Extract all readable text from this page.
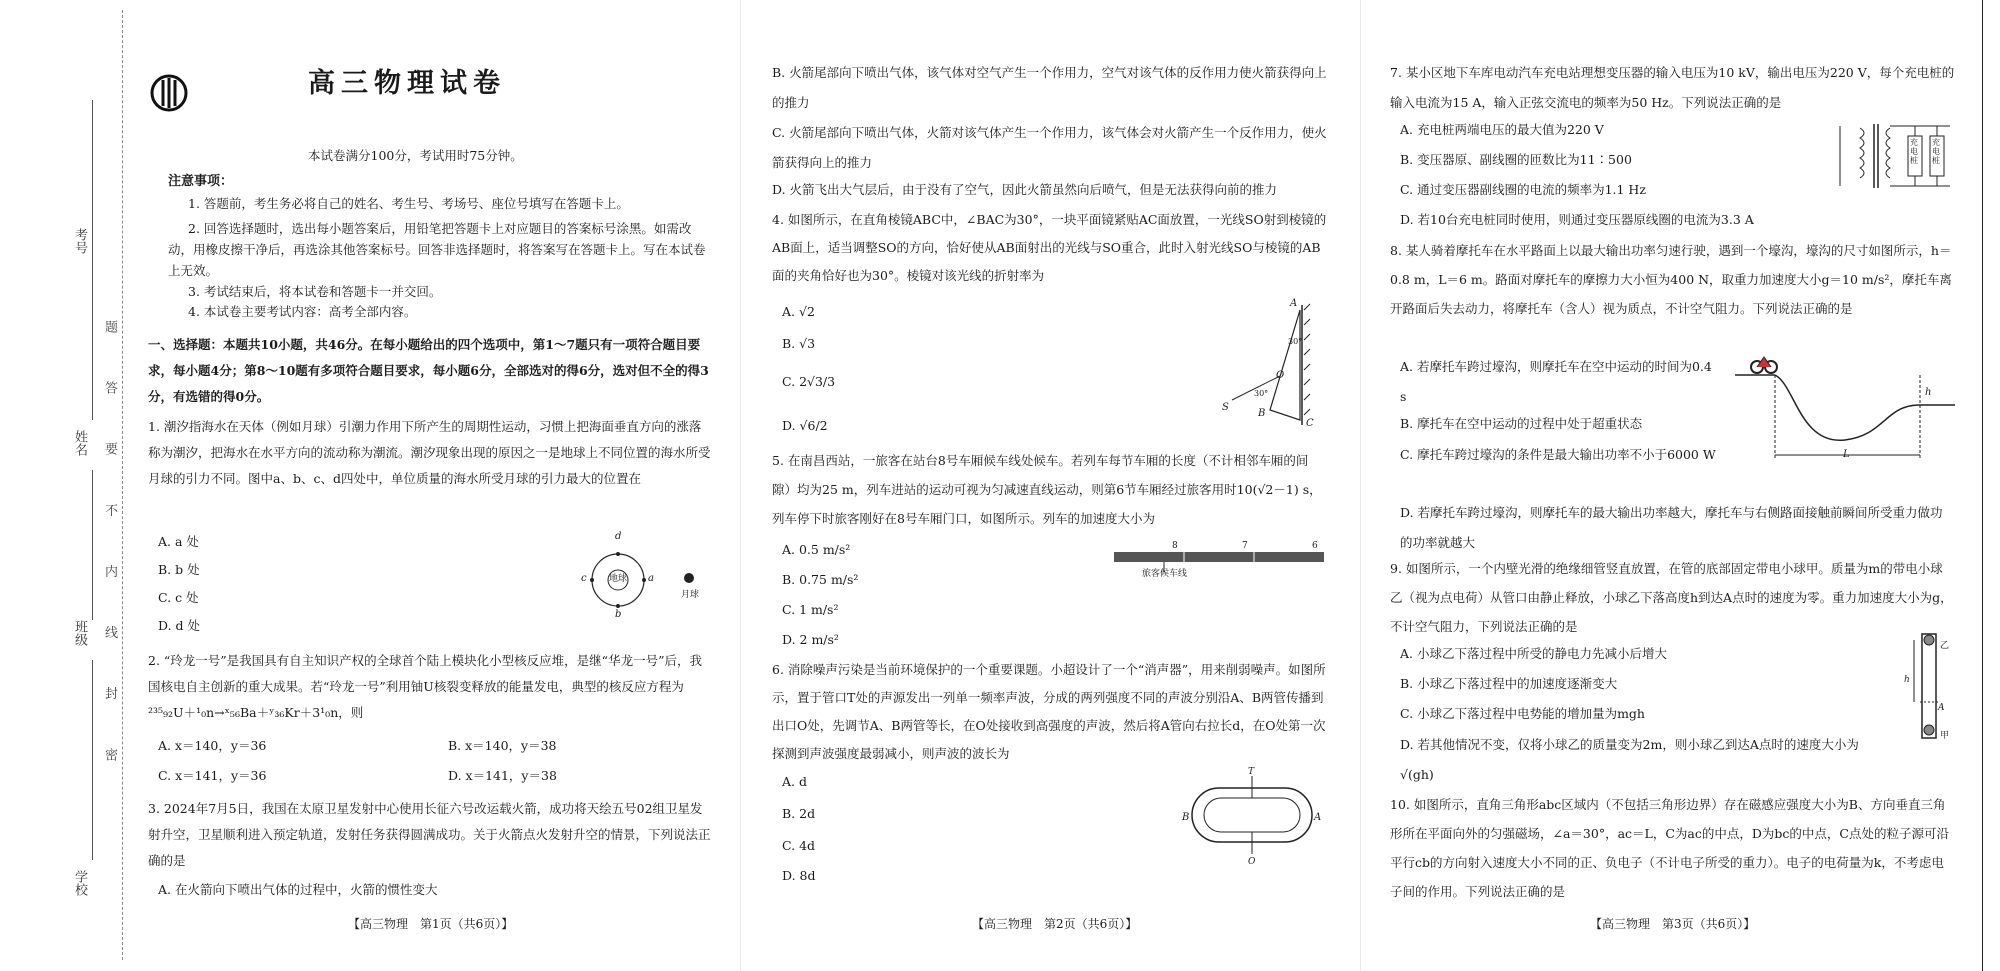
考号
姓名
班级
学校
题 答 要 不 内 线 封 密
高三物理试卷
本试卷满分100分，考试用时75分钟。
注意事项：
1. 答题前，考生务必将自己的姓名、考生号、考场号、座位号填写在答题卡上。
2. 回答选择题时，选出每小题答案后，用铅笔把答题卡上对应题目的答案标号涂黑。如需改动，用橡皮擦干净后，再选涂其他答案标号。回答非选择题时，将答案写在答题卡上。写在本试卷上无效。
3. 考试结束后，将本试卷和答题卡一并交回。
4. 本试卷主要考试内容：高考全部内容。
一、选择题：本题共10小题，共46分。在每小题给出的四个选项中，第1～7题只有一项符合题目要求，每小题4分；第8～10题有多项符合题目要求，每小题6分，全部选对的得6分，选对但不全的得3分，有选错的得0分。
1. 潮汐指海水在天体（例如月球）引潮力作用下所产生的周期性运动，习惯上把海面垂直方向的涨落称为潮汐，把海水在水平方向的流动称为潮流。潮汐现象出现的原因之一是地球上不同位置的海水所受月球的引力不同。图中a、b、c、d四处中，单位质量的海水所受月球的引力最大的位置在
A. a 处
B. b 处
C. c 处
D. d 处
地球
月球
d
b
c	a
2. “玲龙一号”是我国具有自主知识产权的全球首个陆上模块化小型核反应堆，是继“华龙一号”后，我国核电自主创新的重大成果。若“玲龙一号”利用铀U核裂变释放的能量发电，典型的核反应方程为²³⁵₉₂U＋¹₀n→ˣ₅₆Ba＋ʸ₃₆Kr＋3¹₀n，则
A. x＝140，y＝36	B. x＝140，y＝38
C. x＝141，y＝36	D. x＝141，y＝38
3. 2024年7月5日，我国在太原卫星发射中心使用长征六号改运载火箭，成功将天绘五号02组卫星发射升空，卫星顺利进入预定轨道，发射任务获得圆满成功。关于火箭点火发射升空的情景，下列说法正确的是
A. 在火箭向下喷出气体的过程中，火箭的惯性变大
【高三物理　第1页（共6页）】
B. 火箭尾部向下喷出气体，该气体对空气产生一个作用力，空气对该气体的反作用力使火箭获得向上的推力
C. 火箭尾部向下喷出气体，火箭对该气体产生一个作用力，该气体会对火箭产生一个反作用力，使火箭获得向上的推力
D. 火箭飞出大气层后，由于没有了空气，因此火箭虽然向后喷气，但是无法获得向前的推力
4. 如图所示，在直角棱镜ABC中，∠BAC为30°，一块平面镜紧贴AC面放置，一光线SO射到棱镜的AB面上，适当调整SO的方向，恰好使从AB面射出的光线与SO重合，此时入射光线SO与棱镜的AB面的夹角恰好也为30°。棱镜对该光线的折射率为
A. √2
B. √3
C. 2√3/3
D. √6/2
A
B
C
O
S
30°
30°
5. 在南昌西站，一旅客在站台8号车厢候车线处候车。若列车每节车厢的长度（不计相邻车厢的间隙）均为25 m，列车进站的运动可视为匀减速直线运动，则第6节车厢经过旅客用时10(√2－1) s，列车停下时旅客刚好在8号车厢门口，如图所示。列车的加速度大小为
A. 0.5 m/s²
B. 0.75 m/s²
C. 1 m/s²
D. 2 m/s²
8	7	6
旅客候车线
6. 消除噪声污染是当前环境保护的一个重要课题。小超设计了一个“消声器”，用来削弱噪声。如图所示，置于管口T处的声源发出一列单一频率声波，分成的两列强度不同的声波分别沿A、B两管传播到出口O处，先调节A、B两管等长，在O处接收到高强度的声波，然后将A管向右拉长d，在O处第一次探测到声波强度最弱减小，则声波的波长为
A. d
B. 2d
C. 4d
D. 8d
T
A
B
O
【高三物理　第2页（共6页）】
7. 某小区地下车库电动汽车充电站理想变压器的输入电压为10 kV，输出电压为220 V，每个充电桩的输入电流为15 A，输入正弦交流电的频率为50 Hz。下列说法正确的是
A. 充电桩两端电压的最大值为220 V
B. 变压器原、副线圈的匝数比为11∶500
C. 通过变压器副线圈的电流的频率为1.1 Hz
D. 若10台充电桩同时使用，则通过变压器原线圈的电流为3.3 A
充电桩
充电桩
8. 某人骑着摩托车在水平路面上以最大输出功率匀速行驶，遇到一个壕沟，壕沟的尺寸如图所示，h＝0.8 m，L＝6 m。路面对摩托车的摩擦力大小恒为400 N，取重力加速度大小g＝10 m/s²，摩托车离开路面后失去动力，将摩托车（含人）视为质点，不计空气阻力。下列说法正确的是
A. 若摩托车跨过壕沟，则摩托车在空中运动的时间为0.4 s
B. 摩托车在空中运动的过程中处于超重状态
C. 摩托车跨过壕沟的条件是最大输出功率不小于6000 W
D. 若摩托车跨过壕沟，则摩托车的最大输出功率越大，摩托车与右侧路面接触前瞬间所受重力做功的功率就越大
h
L
9. 如图所示，一个内壁光滑的绝缘细管竖直放置，在管的底部固定带电小球甲。质量为m的带电小球乙（视为点电荷）从管口由静止释放，小球乙下落高度h到达A点时的速度为零。重力加速度大小为g，不计空气阻力，下列说法正确的是
A. 小球乙下落过程中所受的静电力先减小后增大
B. 小球乙下落过程中的加速度逐渐变大
C. 小球乙下落过程中电势能的增加量为mgh
D. 若其他情况不变，仅将小球乙的质量变为2m，则小球乙到达A点时的速度大小为√(gh)
乙
甲
A
h
10. 如图所示，直角三角形abc区域内（不包括三角形边界）存在磁感应强度大小为B、方向垂直三角形所在平面向外的匀强磁场，∠a＝30°，ac＝L，C为ac的中点，D为bc的中点，C点处的粒子源可沿平行cb的方向射入速度大小不同的正、负电子（不计电子所受的重力）。电子的电荷量为k，不考虑电子间的作用。下列说法正确的是
【高三物理　第3页（共6页）】
